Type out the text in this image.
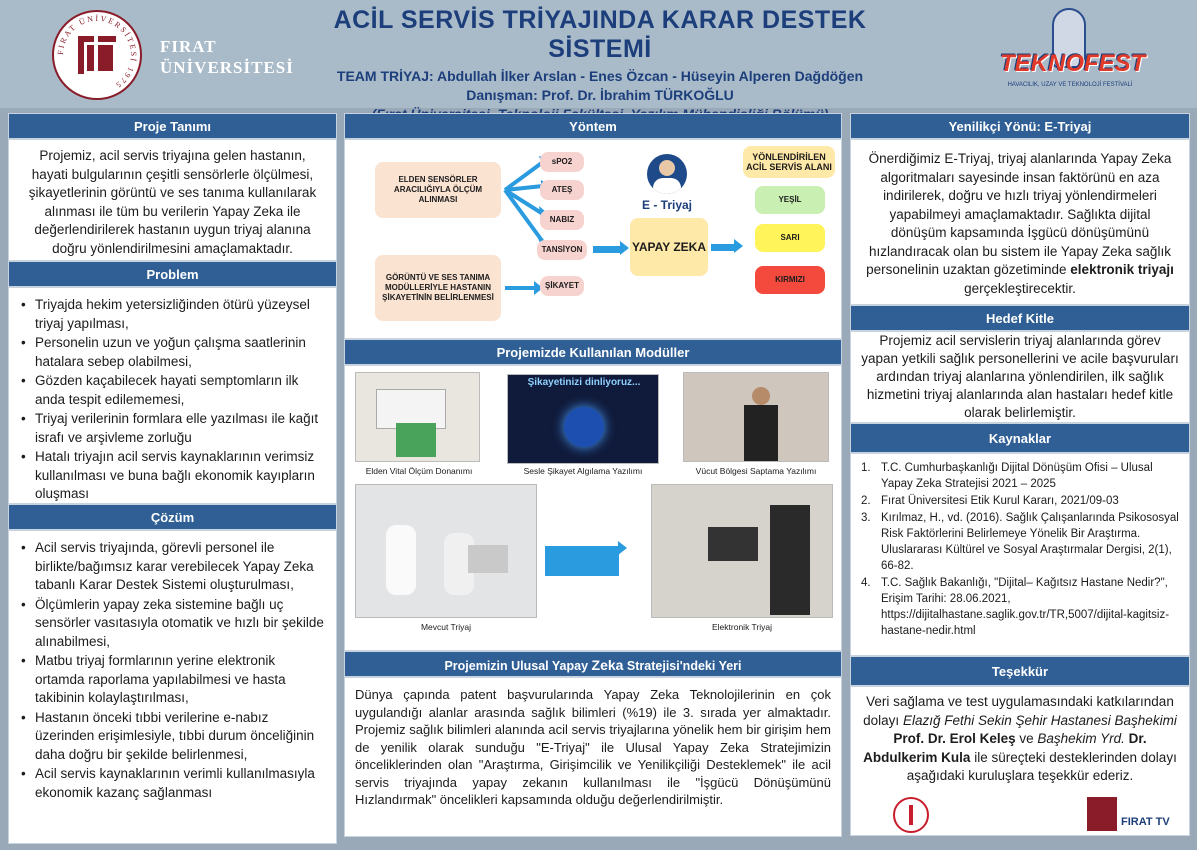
FIRAT ÜNİVERSİTESİ 1975
FIRAT
ÜNİVERSİTESİ
ACİL SERVİS TRİYAJINDA KARAR DESTEK SİSTEMİ
TEAM TRİYAJ: Abdullah İlker Arslan - Enes Özcan - Hüseyin Alperen Dağdöğen
Danışman: Prof. Dr. İbrahim TÜRKOĞLU
TEKNOFEST
HAVACILIK, UZAY VE TEKNOLOJİ FESTİVALİ
Proje Tanımı
Projemiz, acil servis triyajına gelen hastanın, hayati bulgularının çeşitli sensörlerle ölçülmesi, şikayetlerinin görüntü ve ses tanıma kullanılarak alınması ile tüm bu verilerin Yapay Zeka ile değerlendirilerek hastanın uygun triyaj alanına doğru yönlendirilmesini amaçlamaktadır.
Problem
• Triyajda hekim yetersizliğinden ötürü yüzeysel triyaj yapılması,
• Personelin uzun ve yoğun çalışma saatlerinin hatalara sebep olabilmesi,
• Gözden kaçabilecek hayati semptomların ilk anda tespit edilememesi,
• Triyaj verilerinin formlara elle yazılması ile kağıt israfı ve arşivleme zorluğu
• Hatalı triyajın acil servis kaynaklarının verimsiz kullanılması ve buna bağlı ekonomik kayıpların oluşması
Çözüm
• Acil servis triyajında, görevli personel ile birlikte/bağımsız karar verebilecek Yapay Zeka tabanlı Karar Destek Sistemi oluşturulması,
• Ölçümlerin yapay zeka sistemine bağlı uç sensörler vasıtasıyla otomatik ve hızlı bir şekilde alınabilmesi,
• Matbu triyaj formlarının yerine elektronik ortamda raporlama yapılabilmesi ve hasta takibinin kolaylaştırılması,
• Hastanın önceki tıbbi verilerine e-nabız üzerinden erişimlesiyle, tıbbi durum önceliğinin daha doğru bir şekilde belirlenmesi,
• Acil servis kaynaklarının verimli kullanılmasıyla ekonomik kazanç sağlanması
Yöntem
ELDEN SENSÖRLER ARACILIĞIYLA ÖLÇÜM ALINMASI
GÖRÜNTÜ VE SES TANIMA MODÜLLERİYLE HASTANIN ŞİKAYETİNİN BELİRLENMESİ
sPO2
ATEŞ
NABIZ
TANSİYON
ŞİKAYET
E - Triyaj
YAPAY ZEKA
YÖNLENDİRİLEN ACİL SERVİS ALANI
YEŞİL
SARI
KIRMIZI
Projemizde Kullanılan Modüller
Şikayetinizi dinliyoruz...
Elden Vital Ölçüm Donanımı	Sesle Şikayet Algılama Yazılımı	Vücut Bölgesi Saptama Yazılımı
Mevcut Triyaj	Elektronik Triyaj
Projemizin Ulusal Yapay Zeka Stratejisi'ndeki Yeri
Dünya çapında patent başvurularında Yapay Zeka Teknolojilerinin en çok uygulandığı alanlar arasında sağlık bilimleri (%19) ile 3. sırada yer almaktadır. Projemiz sağlık bilimleri alanında acil servis triyajlarına yönelik hem bir girişim hem de yenilik olarak sunduğu "E-Triyaj" ile Ulusal Yapay Zeka Stratejimizin önceliklerinden olan "Araştırma, Girişimcilik ve Yenilikçiliği Desteklemek" ile acil servis triyajında yapay zekanın kullanılması ile "İşgücü Dönüşümünü Hızlandırmak" öncelikleri kapsamında olduğu değerlendirilmiştir.
Yenilikçi Yönü: E-Triyaj
Önerdiğimiz E-Triyaj, triyaj alanlarında Yapay Zeka algoritmaları sayesinde insan faktörünü en aza indirilerek, doğru ve hızlı triyaj yönlendirmeleri yapabilmeyi amaçlamaktadır. Sağlıkta dijital dönüşüm kapsamında İşgücü dönüşümünü hızlandıracak olan bu sistem ile Yapay Zeka sağlık personelinin uzaktan gözetiminde elektronik triyajı gerçekleştirecektir.
Hedef Kitle
Projemiz acil servislerin triyaj alanlarında görev yapan yetkili sağlık personellerini ve acile başvuruları ardından triyaj alanlarına yönlendirilen, ilk sağlık hizmetini triyaj alanlarında alan hastaları hedef kitle olarak belirlemiştir.
Kaynaklar
1. T.C. Cumhurbaşkanlığı Dijital Dönüşüm Ofisi – Ulusal Yapay Zeka Stratejisi 2021 – 2025
2. Fırat Üniversitesi Etik Kurul Kararı, 2021/09-03
3. Kırılmaz, H., vd. (2016). Sağlık Çalışanlarında Psikososyal Risk Faktörlerini Belirlemeye Yönelik Bir Araştırma. Uluslararası Kültürel ve Sosyal Araştırmalar Dergisi, 2(1), 66-82.
4. T.C. Sağlık Bakanlığı, "Dijital– Kağıtsız Hastane Nedir?", Erişim Tarihi: 28.06.2021, https://dijitalhastane.saglik.gov.tr/TR,5007/dijital-kagitsiz-hastane-nedir.html
Teşekkür
Veri sağlama ve test uygulamasındaki katkılarından dolayı Elazığ Fethi Sekin Şehir Hastanesi Başhekimi Prof. Dr. Erol Keleş ve Başhekim Yrd. Dr. Abdulkerim Kula ile süreçteki desteklerinden dolayı aşağıdaki kuruluşlara teşekkür ederiz.
FIRAT TV
